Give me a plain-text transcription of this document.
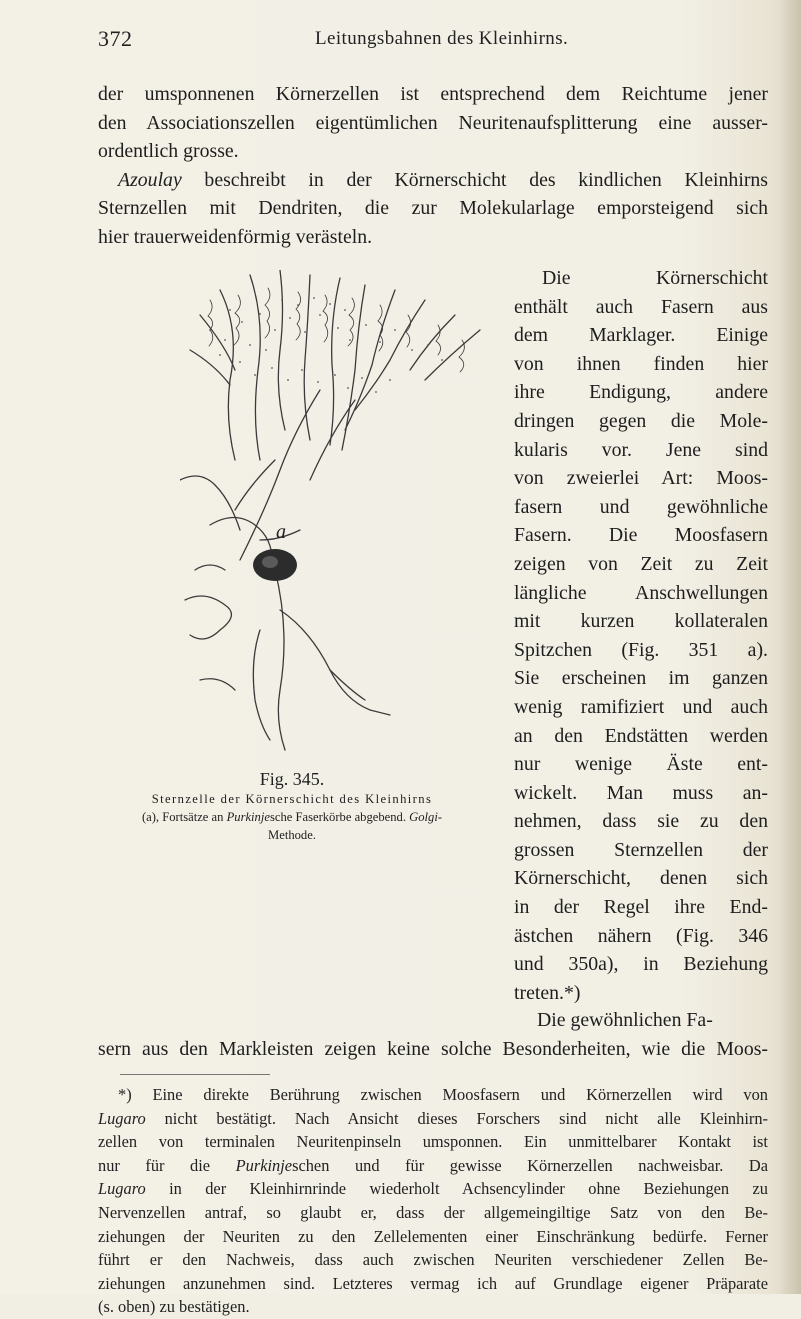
372	Leitungsbahnen des Kleinhirns.
der umsponnenen Körnerzellen ist entsprechend dem Reichtume jener
den Associationszellen eigentümlichen Neuritenaufsplitterung eine ausser-
ordentlich grosse.
Azoulay beschreibt in der Körnerschicht des kindlichen Kleinhirns
Sternzellen mit Dendriten, die zur Molekularlage emporsteigend sich
hier trauerweidenförmig verästeln.
Die Körnerschicht
enthält auch Fasern aus
dem Marklager. Einige
von ihnen finden hier
ihre Endigung, andere
dringen gegen die Mole-
kularis vor. Jene sind
von zweierlei Art: Moos-
fasern und gewöhnliche
Fasern. Die Moosfasern
zeigen von Zeit zu Zeit
längliche Anschwellungen
mit kurzen kollateralen
Spitzchen (Fig. 351 a).
Sie erscheinen im ganzen
wenig ramifiziert und auch
an den Endstätten werden
nur wenige Äste ent-
wickelt. Man muss an-
nehmen, dass sie zu den
grossen Sternzellen der
Körnerschicht, denen sich
in der Regel ihre End-
ästchen nähern (Fig. 346
und 350a), in Beziehung
treten.*)
a
Fig. 345.
Sternzelle der Körnerschicht des Kleinhirns
(a), Fortsätze an Purkinjesche Faserkörbe abgebend. Golgi-
Methode.
Die gewöhnlichen Fa-
sern aus den Markleisten zeigen keine solche Besonderheiten, wie die Moos-
*) Eine direkte Berührung zwischen Moosfasern und Körnerzellen wird von
Lugaro nicht bestätigt. Nach Ansicht dieses Forschers sind nicht alle Kleinhirn-
zellen von terminalen Neuritenpinseln umsponnen. Ein unmittelbarer Kontakt ist
nur für die Purkinjeschen und für gewisse Körnerzellen nachweisbar. Da
Lugaro in der Kleinhirnrinde wiederholt Achsencylinder ohne Beziehungen zu
Nervenzellen antraf, so glaubt er, dass der allgemeingiltige Satz von den Be-
ziehungen der Neuriten zu den Zellelementen einer Einschränkung bedürfe. Ferner
führt er den Nachweis, dass auch zwischen Neuriten verschiedener Zellen Be-
ziehungen anzunehmen sind. Letzteres vermag ich auf Grundlage eigener Präparate
(s. oben) zu bestätigen.
